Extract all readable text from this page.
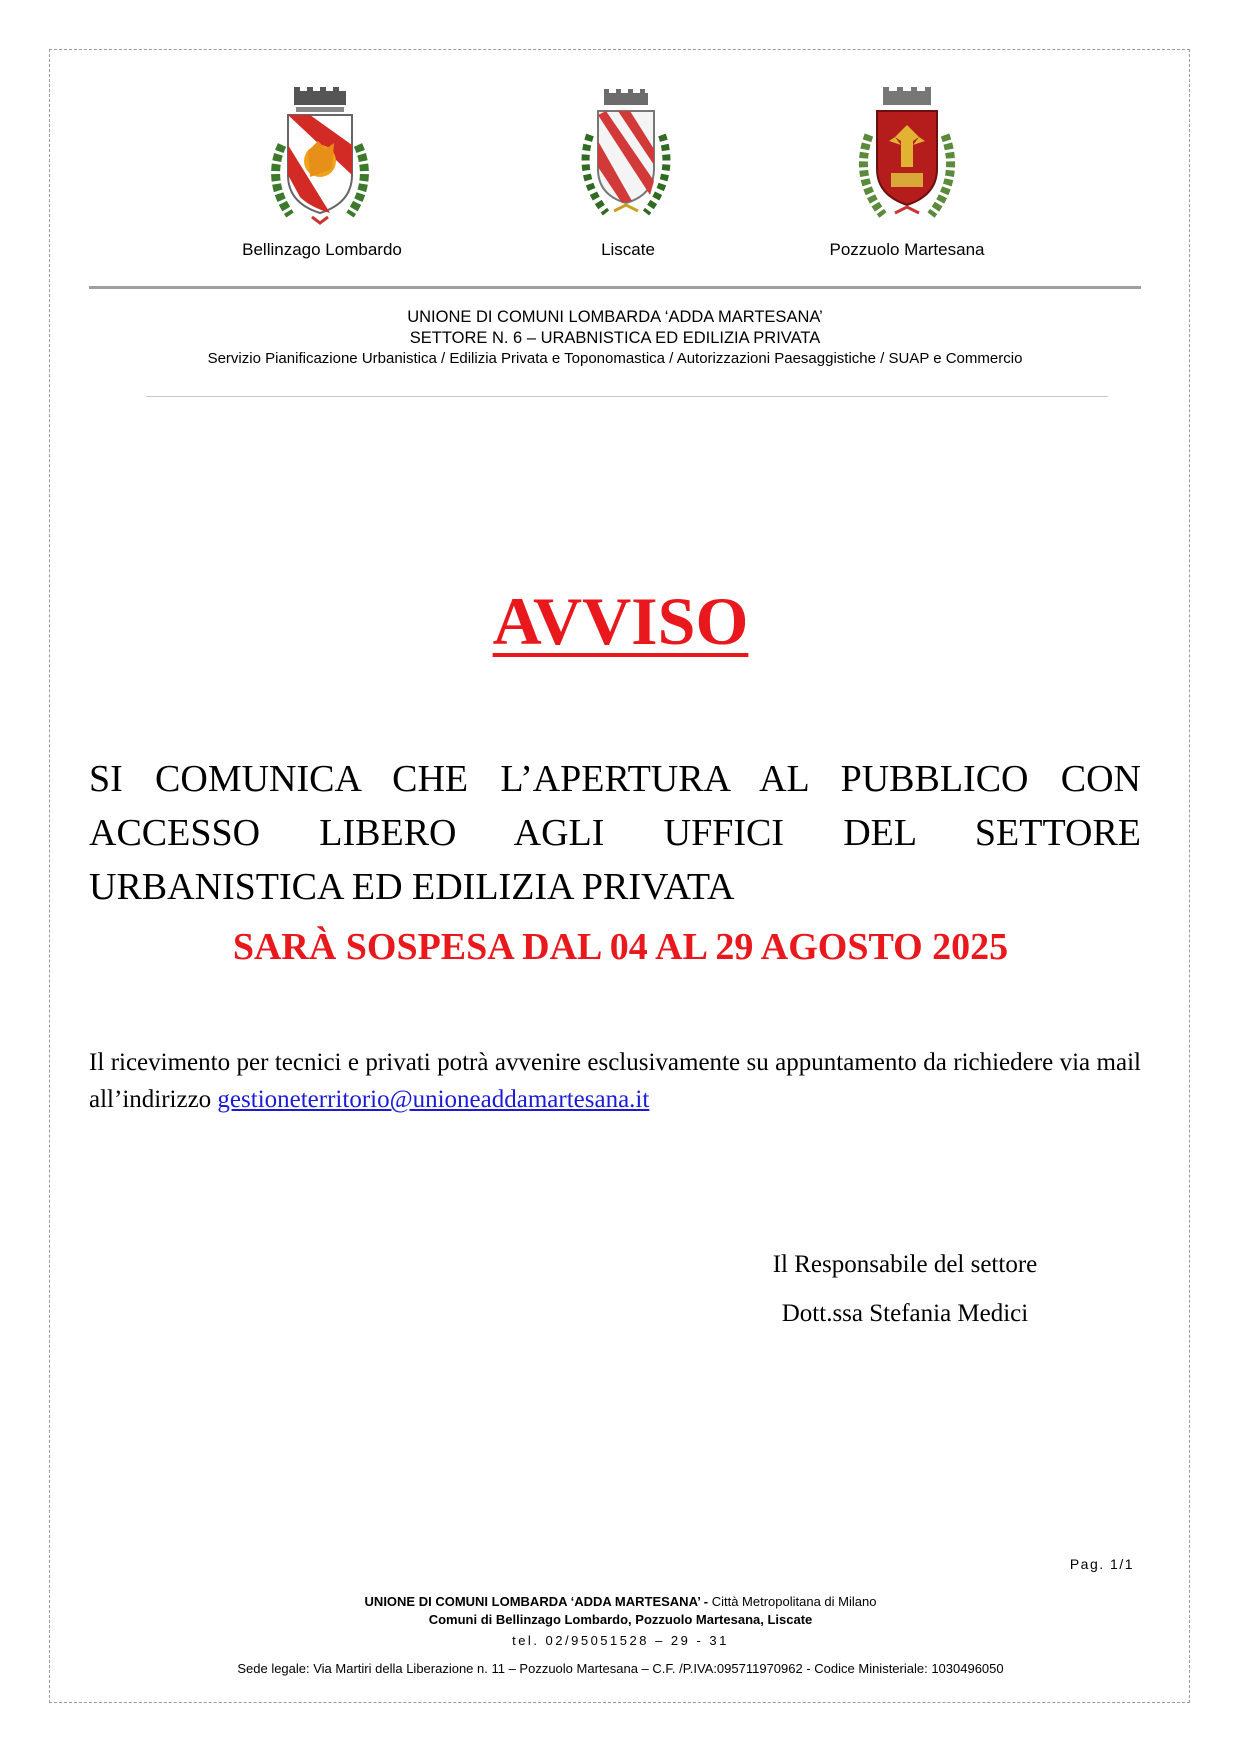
Bellinzago Lombardo	Liscate	Pozzuolo Martesana
UNIONE DI COMUNI LOMBARDA ‘ADDA MARTESANA’
SETTORE N. 6 – URABNISTICA ED EDILIZIA PRIVATA
Servizio Pianificazione Urbanistica / Edilizia Privata e Toponomastica / Autorizzazioni Paesaggistiche / SUAP e Commercio
AVVISO
SI COMUNICA CHE L’APERTURA AL PUBBLICO CON ACCESSO LIBERO AGLI UFFICI DEL SETTORE URBANISTICA ED EDILIZIA PRIVATA
SARÀ SOSPESA DAL 04 AL 29 AGOSTO 2025
Il ricevimento per tecnici e privati potrà avvenire esclusivamente su appuntamento da richiedere via mail all’indirizzo gestioneterritorio@unioneaddamartesana.it
Il Responsabile del settore
Dott.ssa Stefania Medici
Pag. 1/1
UNIONE DI COMUNI LOMBARDA ‘ADDA MARTESANA’ - Città Metropolitana di Milano
Comuni di Bellinzago Lombardo, Pozzuolo Martesana, Liscate
tel. 02/95051528 – 29 - 31
Sede legale: Via Martiri della Liberazione n. 11 – Pozzuolo Martesana – C.F. /P.IVA:095711970962 - Codice Ministeriale: 1030496050
